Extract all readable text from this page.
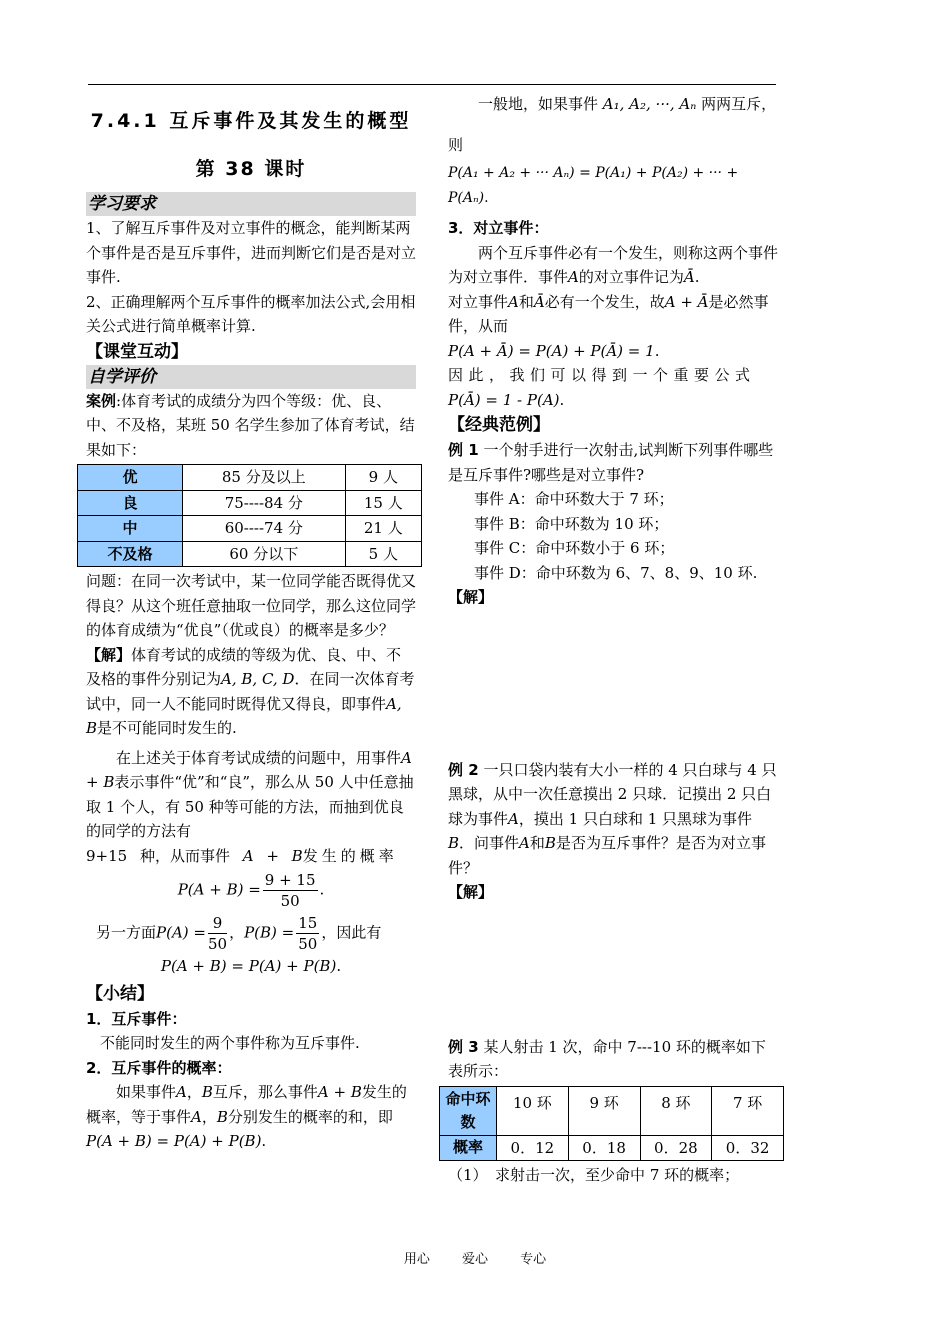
7.4.1 互斥事件及其发生的概型

第 38 课时

学习要求

1、了解互斥事件及对立事件的概念，能判断某两个事件是否是互斥事件，进而判断它们是否是对立事件.

2、正确理解两个互斥事件的概率加法公式,会用相关公式进行简单概率计算.

【课堂互动】
自学评价

案例:体育考试的成绩分为四个等级：优、良、中、不及格，某班 50 名学生参加了体育考试，结果如下：

优	85 分及以上	9 人
良	75----84 分	15 人
中	60----74 分	21 人
不及格	60 分以下	5 人

问题：在同一次考试中，某一位同学能否既得优又得良？从这个班任意抽取一位同学，那么这位同学的体育成绩为“优良”（优或良）的概率是多少？

【解】体育考试的成绩的等级为优、良、中、不及格的事件分别记为A, B, C, D．在同一次体育考试中，同一人不能同时既得优又得良，即事件A, B是不可能同时发生的.

在上述关于体育考试成绩的问题中，用事件A + B表示事件“优”和“良”，那么从 50 人中任意抽取 1 个人，有 50 种等可能的方法，而抽到优良的同学的方法有

9+15 种，从而事件 A + B发生的概率

$P(A + B) = \frac{9 + 15}{50}$ .

另一方面$P(A) = \frac{9}{50}$ ，$P(B) = \frac{15}{50}$ ，因此有

P(A + B) = P(A) + P(B).

【小结】

1．互斥事件：

不能同时发生的两个事件称为互斥事件.

2．互斥事件的概率：

如果事件A，B互斥，那么事件A + B发生的概率，等于事件A，B分别发生的概率的和，即P(A + B) = P(A) + P(B).

一般地，如果事件 A₁, A₂, ···, Aₙ 两两互斥，

则

P(A₁ + A₂ + ··· Aₙ) = P(A₁) + P(A₂) + ··· + P(Aₙ).

3．对立事件：

两个互斥事件必有一个发生，则称这两个事件为对立事件．事件A的对立事件记为Ā.

对立事件A和Ā必有一个发生，故A + Ā是必然事件，从而

P(A + Ā) = P(A) + P(Ā) = 1.

因此，我们可以得到一个重要公式

P(Ā) = 1 - P(A).

【经典范例】

例 1 一个射手进行一次射击,试判断下列事件哪些是互斥事件?哪些是对立事件?

事件 A：命中环数大于 7 环；

事件 B：命中环数为 10 环；

事件 C：命中环数小于 6 环；

事件 D：命中环数为 6、7、8、9、10 环.

【解】

例 2 一只口袋内装有大小一样的 4 只白球与 4 只黑球，从中一次任意摸出 2 只球．记摸出 2 只白球为事件A，摸出 1 只白球和 1 只黑球为事件B．问事件A和B是否为互斥事件？是否为对立事件？

【解】

例 3 某人射击 1 次，命中 7---10 环的概率如下表所示：

命中环数	10 环	9 环	8 环	7 环
概率	0．12	0．18	0．28	0．32

（1）　求射击一次，至少命中 7 环的概率；

用心 爱心 专心
